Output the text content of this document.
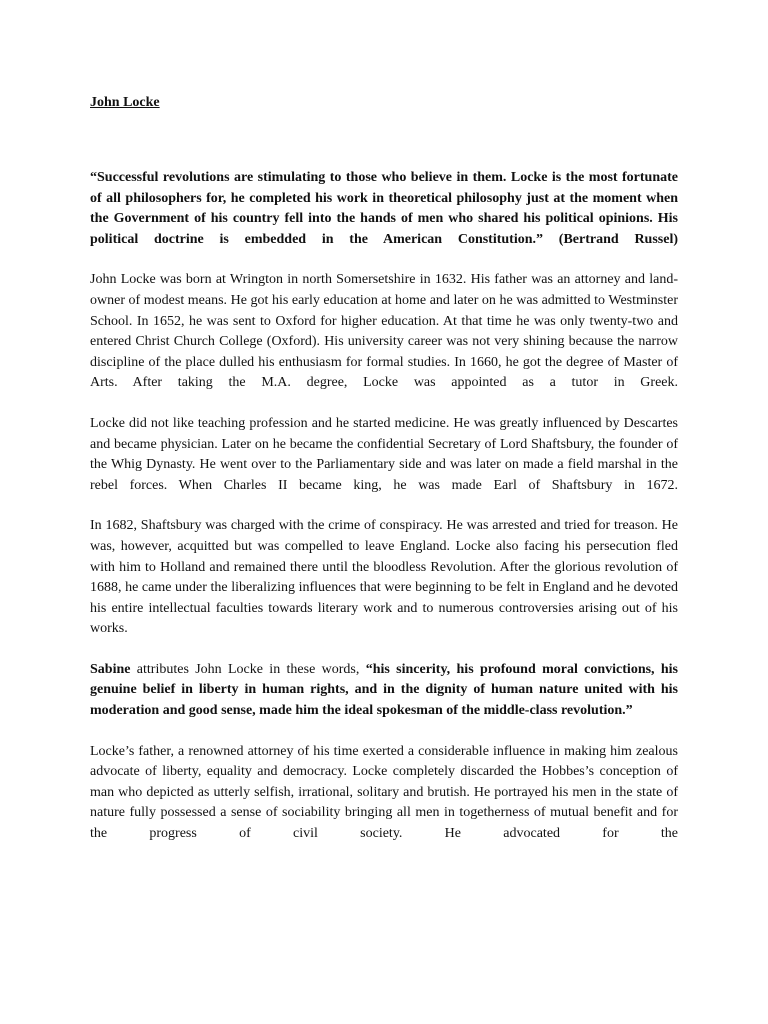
John Locke

“Successful revolutions are stimulating to those who believe in them. Locke is the most fortunate of all philosophers for, he completed his work in theoretical philosophy just at the moment when the Government of his country fell into the hands of men who shared his political opinions. His political doctrine is embedded in the American Constitution.” (Bertrand Russel)

John Locke was born at Wrington in north Somersetshire in 1632. His father was an attorney and land-owner of modest means. He got his early education at home and later on he was admitted to Westminster School. In 1652, he was sent to Oxford for higher education. At that time he was only twenty-two and entered Christ Church College (Oxford). His university career was not very shining because the narrow discipline of the place dulled his enthusiasm for formal studies. In 1660, he got the degree of Master of Arts. After taking the M.A. degree, Locke was appointed as a tutor in Greek.

Locke did not like teaching profession and he started medicine. He was greatly influenced by Descartes and became physician. Later on he became the confidential Secretary of Lord Shaftsbury, the founder of the Whig Dynasty. He went over to the Parliamentary side and was later on made a field marshal in the rebel forces. When Charles II became king, he was made Earl of Shaftsbury in 1672.

In 1682, Shaftsbury was charged with the crime of conspiracy. He was arrested and tried for treason. He was, however, acquitted but was compelled to leave England. Locke also facing his persecution fled with him to Holland and remained there until the bloodless Revolution. After the glorious revolution of 1688, he came under the liberalizing influences that were beginning to be felt in England and he devoted his entire intellectual faculties towards literary work and to numerous controversies arising out of his works.

Sabine attributes John Locke in these words, “his sincerity, his profound moral convictions, his genuine belief in liberty in human rights, and in the dignity of human nature united with his moderation and good sense, made him the ideal spokesman of the middle-class revolution.”

Locke’s father, a renowned attorney of his time exerted a considerable influence in making him zealous advocate of liberty, equality and democracy. Locke completely discarded the Hobbes’s conception of man who depicted as utterly selfish, irrational, solitary and brutish. He portrayed his men in the state of nature fully possessed a sense of sociability bringing all men in togetherness of mutual benefit and for the progress of civil society. He advocated for the
